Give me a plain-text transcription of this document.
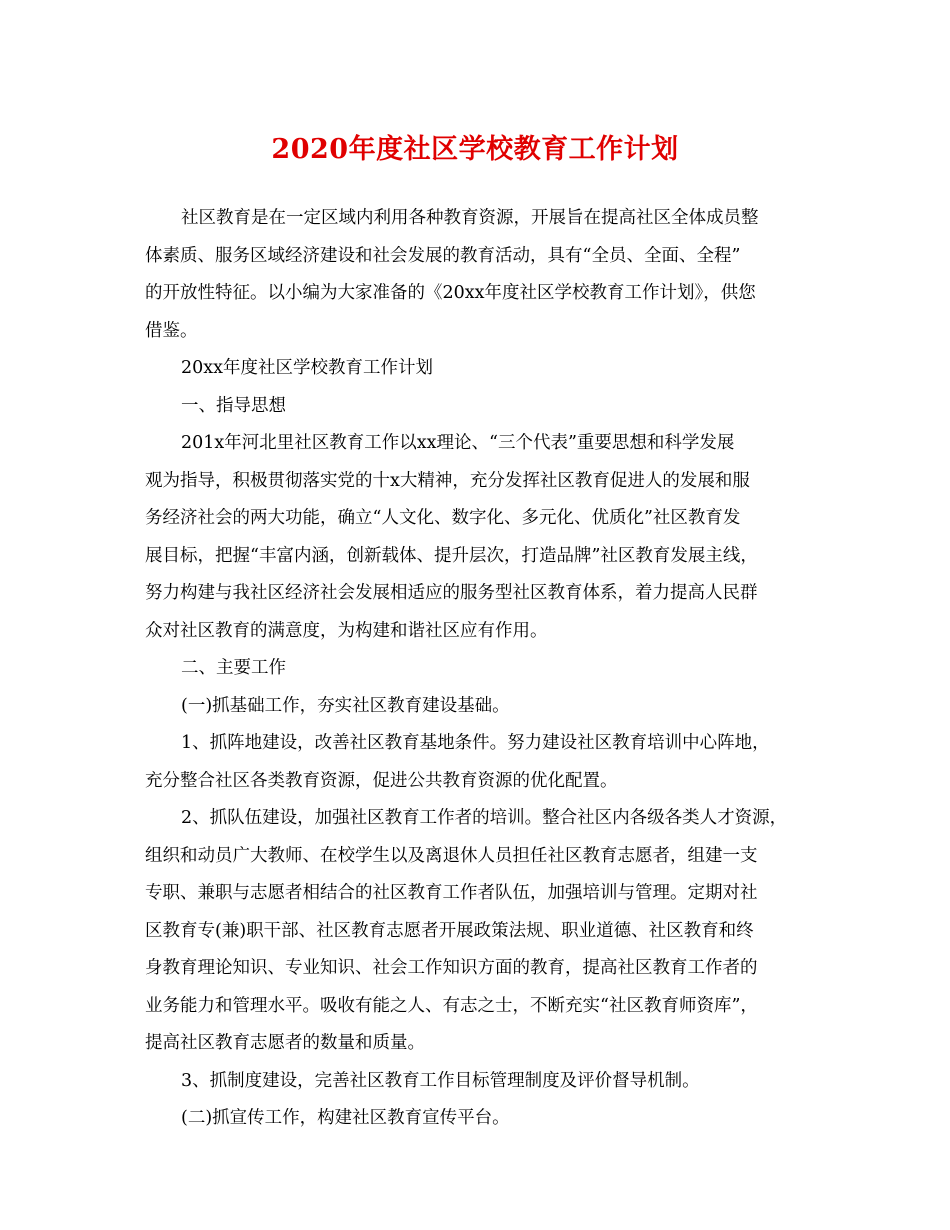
2020年度社区学校教育工作计划

社区教育是在一定区域内利用各种教育资源，开展旨在提高社区全体成员整
体素质、服务区域经济建设和社会发展的教育活动，具有“全员、全面、全程”
的开放性特征。以小编为大家准备的《20xx年度社区学校教育工作计划》，供您
借鉴。

20xx年度社区学校教育工作计划

一、指导思想

201x年河北里社区教育工作以xx理论、“三个代表”重要思想和科学发展
观为指导，积极贯彻落实党的十x大精神，充分发挥社区教育促进人的发展和服
务经济社会的两大功能，确立“人文化、数字化、多元化、优质化”社区教育发
展目标，把握“丰富内涵，创新载体、提升层次，打造品牌”社区教育发展主线，
努力构建与我社区经济社会发展相适应的服务型社区教育体系，着力提高人民群
众对社区教育的满意度，为构建和谐社区应有作用。

二、主要工作

(一)抓基础工作，夯实社区教育建设基础。

1、抓阵地建设，改善社区教育基地条件。努力建设社区教育培训中心阵地，
充分整合社区各类教育资源，促进公共教育资源的优化配置。

2、抓队伍建设，加强社区教育工作者的培训。整合社区内各级各类人才资源，
组织和动员广大教师、在校学生以及离退休人员担任社区教育志愿者，组建一支
专职、兼职与志愿者相结合的社区教育工作者队伍，加强培训与管理。定期对社
区教育专(兼)职干部、社区教育志愿者开展政策法规、职业道德、社区教育和终
身教育理论知识、专业知识、社会工作知识方面的教育，提高社区教育工作者的
业务能力和管理水平。吸收有能之人、有志之士，不断充实“社区教育师资库”，
提高社区教育志愿者的数量和质量。

3、抓制度建设，完善社区教育工作目标管理制度及评价督导机制。

(二)抓宣传工作，构建社区教育宣传平台。
